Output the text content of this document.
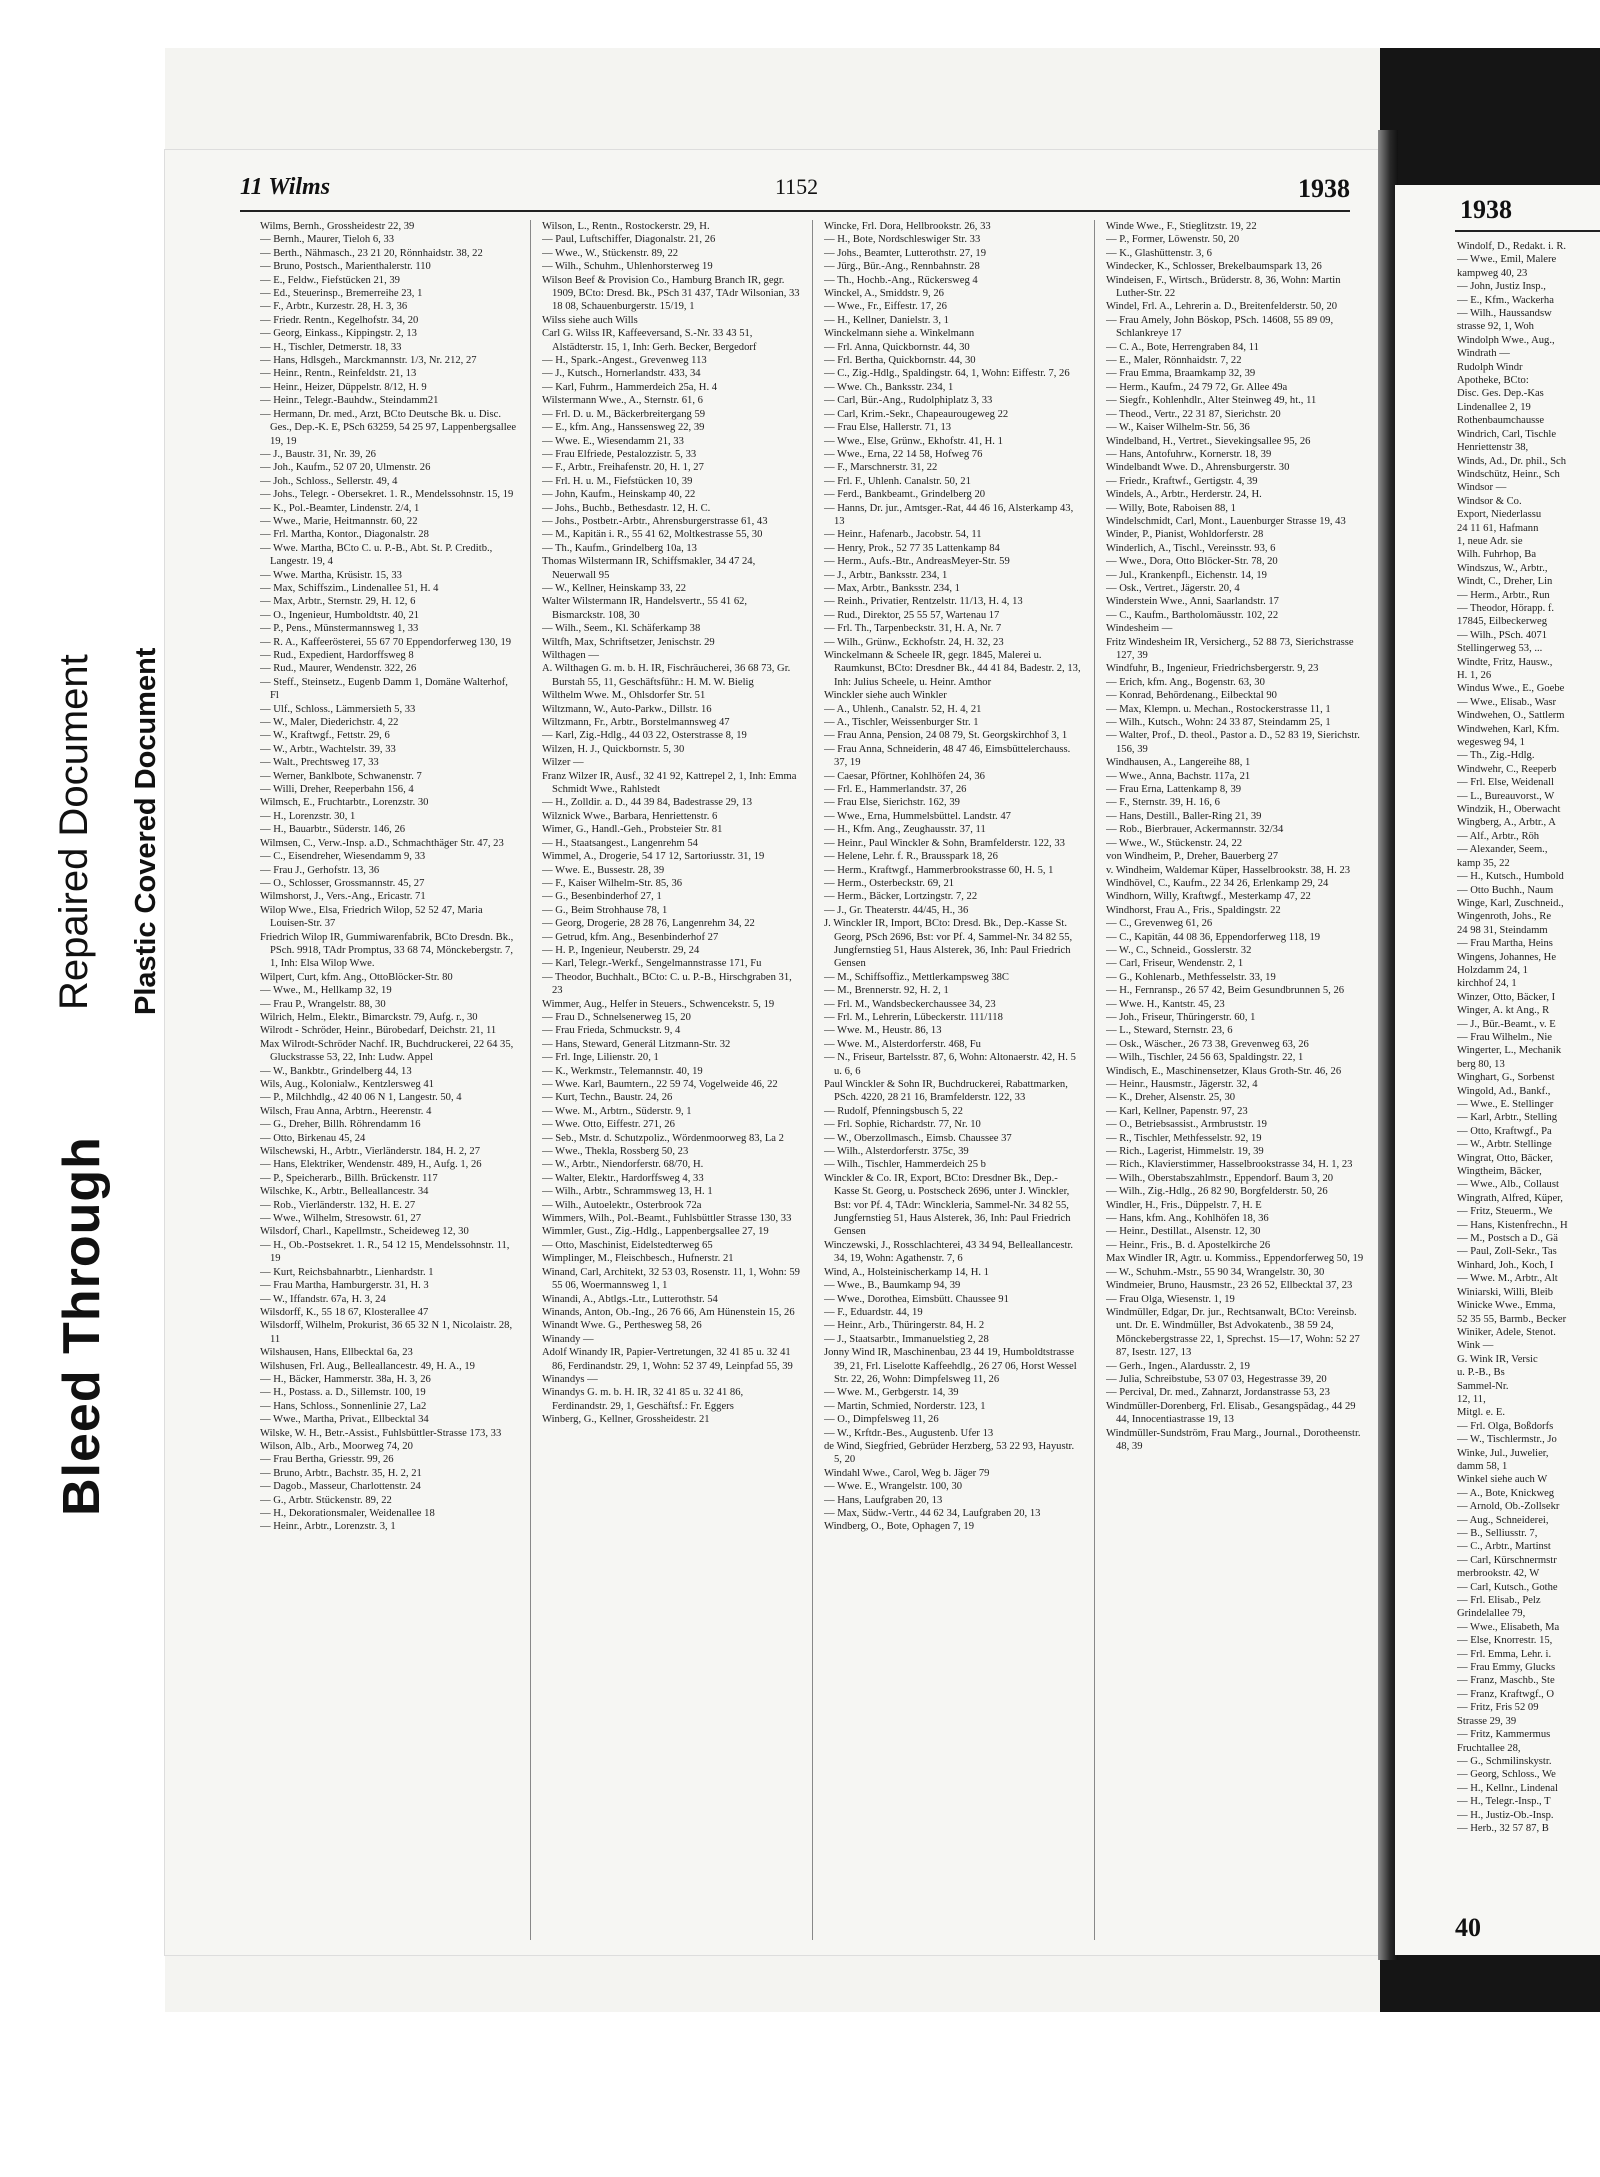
Bleed Through
Repaired Document Plastic Covered Document
11 Wilms	1152	1938
Wilms, Bernh., Grossheidestr 22, 39
— Bernh., Maurer, Tieloh 6, 33
— Berth., Nähmasch., 23 21 20, Rönnhaidstr. 38, 22
— Bruno, Postsch., Marienthalerstr. 110
— E., Feldw., Fiefstücken 21, 39
— Ed., Steuerinsp., Bremerreihe 23, 1
— F., Arbtr., Kurzestr. 28, H. 3, 36
— Friedr. Rentn., Kegelhofstr. 34, 20
— Georg, Einkass., Kippingstr. 2, 13
— H., Tischler, Detmerstr. 18, 33
— Hans, Hdlsgeh., Marckmannstr. 1/3, Nr. 212, 27
— Heinr., Rentn., Reinfeldstr. 21, 13
— Heinr., Heizer, Düppelstr. 8/12, H. 9
— Heinr., Telegr.-Bauhdw., Steindamm21
— Hermann, Dr. med., Arzt, BCto Deutsche Bk. u. Disc. Ges., Dep.-K. E, PSch 63259, 54 25 97, Lappenbergsallee 19, 19
— J., Baustr. 31, Nr. 39, 26
— Joh., Kaufm., 52 07 20, Ulmenstr. 26
— Joh., Schloss., Sellerstr. 49, 4
— Johs., Telegr. - Obersekret. 1. R., Mendelssohnstr. 15, 19
— K., Pol.-Beamter, Lindenstr. 2/4, 1
— Wwe., Marie, Heitmannstr. 60, 22
— Frl. Martha, Kontor., Diagonalstr. 28
— Wwe. Martha, BCto C. u. P.-B., Abt. St. P. Creditb., Langestr. 19, 4
— Wwe. Martha, Krüsistr. 15, 33
— Max, Schiffszim., Lindenallee 51, H. 4
— Max, Arbtr., Sternstr. 29, H. 12, 6
— O., Ingenieur, Humboldtstr. 40, 21
— P., Pens., Münstermannsweg 1, 33
— R. A., Kaffeerösterei, 55 67 70 Eppendorferweg 130, 19
— Rud., Expedient, Hardorffsweg 8
— Rud., Maurer, Wendenstr. 322, 26
— Steff., Steinsetz., Eugenb Damm 1, Domäne Walterhof, Fl
— Ulf., Schloss., Lämmersieth 5, 33
— W., Maler, Diederichstr. 4, 22
— W., Kraftwgf., Fettstr. 29, 6
— W., Arbtr., Wachtelstr. 39, 33
— Walt., Prechtsweg 17, 33
— Werner, Banklbote, Schwanenstr. 7
— Willi, Dreher, Reeperbahn 156, 4
Wilmsch, E., Fruchtarbtr., Lorenzstr. 30
— H., Lorenzstr. 30, 1
— H., Bauarbtr., Süderstr. 146, 26
Wilmsen, C., Verw.-Insp. a.D., Schmachthäger Str. 47, 23
— C., Eisendreher, Wiesendamm 9, 33
— Frau J., Gerhofstr. 13, 36
— O., Schlosser, Grossmannstr. 45, 27
Wilmshorst, J., Vers.-Ang., Ericastr. 71
Wilop Wwe., Elsa, Friedrich Wilop, 52 52 47, Maria Louisen-Str. 37
Friedrich Wilop IR, Gummiwarenfabrik, BCto Dresdn. Bk., PSch. 9918, TAdr Promptus, 33 68 74, Mönckebergstr. 7, 1, Inh: Elsa Wilop Wwe.
Wilpert, Curt, kfm. Ang., OttoBlöcker-Str. 80
— Wwe., M., Hellkamp 32, 19
— Frau P., Wrangelstr. 88, 30
Wilrich, Helm., Elektr., Bimarckstr. 79, Aufg. r., 30
Wilrodt - Schröder, Heinr., Bürobedarf, Deichstr. 21, 11
Max Wilrodt-Schröder Nachf. IR, Buchdruckerei, 22 64 35, Gluckstrasse 53, 22, Inh: Ludw. Appel
— W., Bankbtr., Grindelberg 44, 13
Wils, Aug., Kolonialw., Kentzlersweg 41
— P., Milchhdlg., 42 40 06 N 1, Langestr. 50, 4
Wilsch, Frau Anna, Arbtrn., Heerenstr. 4
— G., Dreher, Billh. Röhrendamm 16
— Otto, Birkenau 45, 24
Wilschewski, H., Arbtr., Vierländerstr. 184, H. 2, 27
— Hans, Elektriker, Wendenstr. 489, H., Aufg. 1, 26
— P., Speicherarb., Billh. Brückenstr. 117
Wilschke, K., Arbtr., Belleallancestr. 34
— Rob., Vierländerstr. 132, H. E. 27
— Wwe., Wilhelm, Stresowstr. 61, 27
Wilsdorf, Charl., Kapellmstr., Scheideweg 12, 30
— H., Ob.-Postsekret. 1. R., 54 12 15, Mendelssohnstr. 11, 19
— Kurt, Reichsbahnarbtr., Lienhardstr. 1
— Frau Martha, Hamburgerstr. 31, H. 3
— W., Iffandstr. 67a, H. 3, 24
Wilsdorff, K., 55 18 67, Klosterallee 47
Wilsdorff, Wilhelm, Prokurist, 36 65 32 N 1, Nicolaistr. 28, 11
Wilshausen, Hans, Ellbecktal 6a, 23
Wilshusen, Frl. Aug., Belleallancestr. 49, H. A., 19
— H., Bäcker, Hammerstr. 38a, H. 3, 26
— H., Postass. a. D., Sillemstr. 100, 19
— Hans, Schloss., Sonnenlinie 27, La2
— Wwe., Martha, Privat., Ellbecktal 34
Wilske, W. H., Betr.-Assist., Fuhlsbüttler-Strasse 173, 33
Wilson, Alb., Arb., Moorweg 74, 20
— Frau Bertha, Griesstr. 99, 26
— Bruno, Arbtr., Bachstr. 35, H. 2, 21
— Dagob., Masseur, Charlottenstr. 24
— G., Arbtr. Stückenstr. 89, 22
— H., Dekorationsmaler, Weidenallee 18
— Heinr., Arbtr., Lorenzstr. 3, 1
Wilson, L., Rentn., Rostockerstr. 29, H.
— Paul, Luftschiffer, Diagonalstr. 21, 26
— Wwe., W., Stückenstr. 89, 22
— Wilh., Schuhm., Uhlenhorsterweg 19
Wilson Beef & Provision Co., Hamburg Branch IR, gegr. 1909, BCto: Dresd. Bk., PSch 31 437, TAdr Wilsonian, 33 18 08, Schauenburgerstr. 15/19, 1
Wilss siehe auch Wills
Carl G. Wilss IR, Kaffeeversand, S.-Nr. 33 43 51, Alstädterstr. 15, 1, Inh: Gerh. Becker, Bergedorf
— H., Spark.-Angest., Grevenweg 113
— J., Kutsch., Hornerlandstr. 433, 34
— Karl, Fuhrm., Hammerdeich 25a, H. 4
Wilstermann Wwe., A., Sternstr. 61, 6
— Frl. D. u. M., Bäckerbreitergang 59
— E., kfm. Ang., Hanssensweg 22, 39
— Wwe. E., Wiesendamm 21, 33
— Frau Elfriede, Pestalozzistr. 5, 33
— F., Arbtr., Freihafenstr. 20, H. 1, 27
— Frl. H. u. M., Fiefstücken 10, 39
— John, Kaufm., Heinskamp 40, 22
— Johs., Buchb., Bethesdastr. 12, H. C.
— Johs., Postbetr.-Arbtr., Ahrensburgerstrasse 61, 43
— M., Kapitän i. R., 55 41 62, Moltkestrasse 55, 30
— Th., Kaufm., Grindelberg 10a, 13
Thomas Wilstermann IR, Schiffsmakler, 34 47 24, Neuerwall 95
— W., Kellner, Heinskamp 33, 22
Walter Wilstermann IR, Handelsvertr., 55 41 62, Bismarckstr. 108, 30
— Wilh., Seem., Kl. Schäferkamp 38
Wiltfh, Max, Schriftsetzer, Jenischstr. 29
Wilthagen —
A. Wilthagen G. m. b. H. IR, Fischräucherei, 36 68 73, Gr. Burstah 55, 11, Geschäftsführ.: H. M. W. Bielig
Wilthelm Wwe. M., Ohlsdorfer Str. 51
Wiltzmann, W., Auto-Parkw., Dillstr. 16
Wiltzmann, Fr., Arbtr., Borstelmannsweg 47
— Karl, Zig.-Hdlg., 44 03 22, Osterstrasse 8, 19
Wilzen, H. J., Quickbornstr. 5, 30
Wilzer —
Franz Wilzer IR, Ausf., 32 41 92, Kattrepel 2, 1, Inh: Emma Schmidt Wwe., Rahlstedt
— H., Zolldir. a. D., 44 39 84, Badestrasse 29, 13
Wilznick Wwe., Barbara, Henriettenstr. 6
Wimer, G., Handl.-Geh., Probsteier Str. 81
— H., Staatsangest., Langenrehm 54
Wimmel, A., Drogerie, 54 17 12, Sartoriusstr. 31, 19
— Wwe. E., Bussestr. 28, 39
— F., Kaiser Wilhelm-Str. 85, 36
— G., Besenbinderhof 27, 1
— G., Beim Strohhause 78, 1
— Georg, Drogerie, 28 28 76, Langenrehm 34, 22
— Getrud, kfm. Ang., Besenbinderhof 27
— H. P., Ingenieur, Neuberstr. 29, 24
— Karl, Telegr.-Werkf., Sengelmannstrasse 171, Fu
— Theodor, Buchhalt., BCto: C. u. P.-B., Hirschgraben 31, 23
Wimmer, Aug., Helfer in Steuers., Schwencekstr. 5, 19
— Frau D., Schnelsenerweg 15, 20
— Frau Frieda, Schmuckstr. 9, 4
— Hans, Steward, Generál Litzmann-Str. 32
— Frl. Inge, Lilienstr. 20, 1
— K., Werkmstr., Telemannstr. 40, 19
— Wwe. Karl, Baumtern., 22 59 74, Vogelweide 46, 22
— Kurt, Techn., Baustr. 24, 26
— Wwe. M., Arbtrn., Süderstr. 9, 1
— Wwe. Otto, Eiffestr. 271, 26
— Seb., Mstr. d. Schutzpoliz., Wördenmoorweg 83, La 2
— Wwe., Thekla, Rossberg 50, 23
— W., Arbtr., Niendorferstr. 68/70, H.
— Walter, Elektr., Hardorffsweg 4, 33
— Wilh., Arbtr., Schrammsweg 13, H. 1
— Wilh., Autoelektr., Osterbrook 72a
Wimmers, Wilh., Pol.-Beamt., Fuhlsbüttler Strasse 130, 33
Wimmler, Gust., Zig.-Hdlg., Lappenbergsallee 27, 19
— Otto, Maschinist, Eidelstedterweg 65
Wimplinger, M., Fleischbesch., Hufnerstr. 21
Winand, Carl, Architekt, 32 53 03, Rosenstr. 11, 1, Wohn: 59 55 06, Woermannsweg 1, 1
Winandi, A., Abtlgs.-Ltr., Lutterothstr. 54
Winands, Anton, Ob.-Ing., 26 76 66, Am Hünenstein 15, 26
Winandt Wwe. G., Perthesweg 58, 26
Winandy —
Adolf Winandy IR, Papier-Vertretungen, 32 41 85 u. 32 41 86, Ferdinandstr. 29, 1, Wohn: 52 37 49, Leinpfad 55, 39
Winandys —
Winandys G. m. b. H. IR, 32 41 85 u. 32 41 86, Ferdinandstr. 29, 1, Geschäftsf.: Fr. Eggers
Winberg, G., Kellner, Grossheidestr. 21
Wincke, Frl. Dora, Hellbrookstr. 26, 33
— H., Bote, Nordschleswiger Str. 33
— Johs., Beamter, Lutterothstr. 27, 19
— Jürg., Bür.-Ang., Rennbahnstr. 28
— Th., Hochb.-Ang., Rückersweg 4
Winckel, A., Smiddstr. 9, 26
— Wwe., Fr., Eiffestr. 17, 26
— H., Kellner, Danielstr. 3, 1
Winckelmann siehe a. Winkelmann
— Frl. Anna, Quickbornstr. 44, 30
— Frl. Bertha, Quickbornstr. 44, 30
— C., Zig.-Hdlg., Spaldingstr. 64, 1, Wohn: Eiffestr. 7, 26
— Wwe. Ch., Banksstr. 234, 1
— Carl, Bür.-Ang., Rudolphiplatz 3, 33
— Carl, Krim.-Sekr., Chapeaurougeweg 22
— Frau Else, Hallerstr. 71, 13
— Wwe., Else, Grünw., Ekhofstr. 41, H. 1
— Wwe., Erna, 22 14 58, Hofweg 76
— F., Marschnerstr. 31, 22
— Frl. F., Uhlenh. Canalstr. 50, 21
— Ferd., Bankbeamt., Grindelberg 20
— Hanns, Dr. jur., Amtsger.-Rat, 44 46 16, Alsterkamp 43, 13
— Heinr., Hafenarb., Jacobstr. 54, 11
— Henry, Prok., 52 77 35 Lattenkamp 84
— Herm., Aufs.-Btr., AndreasMeyer-Str. 59
— J., Arbtr., Banksstr. 234, 1
— Max, Arbtr., Banksstr. 234, 1
— Reinh., Privatier, Rentzelstr. 11/13, H. 4, 13
— Rud., Direktor, 25 55 57, Wartenau 17
— Frl. Th., Tarpenbeckstr. 31, H. A, Nr. 7
— Wilh., Grünw., Eckhofstr. 24, H. 32, 23
Winckelmann & Scheele IR, gegr. 1845, Malerei u. Raumkunst, BCto: Dresdner Bk., 44 41 84, Badestr. 2, 13, Inh: Julius Scheele, u. Heinr. Amthor
Winckler siehe auch Winkler
— A., Uhlenh., Canalstr. 52, H. 4, 21
— A., Tischler, Weissenburger Str. 1
— Frau Anna, Pension, 24 08 79, St. Georgskirchhof 3, 1
— Frau Anna, Schneiderin, 48 47 46, Eimsbüttelerchauss. 37, 19
— Caesar, Pförtner, Kohlhöfen 24, 36
— Frl. E., Hammerlandstr. 37, 26
— Frau Else, Sierichstr. 162, 39
— Wwe., Erna, Hummelsbüttel. Landstr. 47
— H., Kfm. Ang., Zeughausstr. 37, 11
— Heinr., Paul Winckler & Sohn, Bramfelderstr. 122, 33
— Helene, Lehr. f. R., Brausspark 18, 26
— Herm., Kraftwgf., Hammerbrookstrasse 60, H. 5, 1
— Herm., Osterbeckstr. 69, 21
— Herm., Bäcker, Lortzingstr. 7, 22
— J., Gr. Theaterstr. 44/45, H., 36
J. Winckler IR, Import, BCto: Dresd. Bk., Dep.-Kasse St. Georg, PSch 2696, Bst: vor Pf. 4, Sammel-Nr. 34 82 55, Jungfernstieg 51, Haus Alsterek, 36, Inh: Paul Friedrich Gensen
— M., Schiffsoffiz., Mettlerkampsweg 38C
— M., Brennerstr. 92, H. 2, 1
— Frl. M., Wandsbeckerchaussee 34, 23
— Frl. M., Lehrerin, Lübeckerstr. 111/118
— Wwe. M., Heustr. 86, 13
— Wwe. M., Alsterdorferstr. 468, Fu
— N., Friseur, Bartelsstr. 87, 6, Wohn: Altonaerstr. 42, H. 5 u. 6, 6
Paul Winckler & Sohn IR, Buchdruckerei, Rabattmarken, PSch. 4220, 28 21 16, Bramfelderstr. 122, 33
— Rudolf, Pfenningsbusch 5, 22
— Frl. Sophie, Richardstr. 77, Nr. 10
— W., Oberzollmasch., Eimsb. Chaussee 37
— Wilh., Alsterdorferstr. 375c, 39
— Wilh., Tischler, Hammerdeich 25 b
Winckler & Co. IR, Export, BCto: Dresdner Bk., Dep.-Kasse St. Georg, u. Postscheck 2696, unter J. Winckler, Bst: vor Pf. 4, TAdr: Winckleria, Sammel-Nr. 34 82 55, Jungfernstieg 51, Haus Alsterek, 36, Inh: Paul Friedrich Gensen
Winczewski, J., Rosschlachterei, 43 34 94, Belleallancestr. 34, 19, Wohn: Agathenstr. 7, 6
Wind, A., Holsteinischerkamp 14, H. 1
— Wwe., B., Baumkamp 94, 39
— Wwe., Dorothea, Eimsbütt. Chaussee 91
— F., Eduardstr. 44, 19
— Heinr., Arb., Thüringerstr. 84, H. 2
— J., Staatsarbtr., Immanuelstieg 2, 28
Jonny Wind IR, Maschinenbau, 23 44 19, Humboldtstrasse 39, 21, Frl. Liselotte Kaffeehdlg., 26 27 06, Horst Wessel Str. 22, 26, Wohn: Dimpfelsweg 11, 26
— Wwe. M., Gerbgerstr. 14, 39
— Martin, Schmied, Norderstr. 123, 1
— O., Dimpfelsweg 11, 26
— W., Krftdr.-Bes., Augustenb. Ufer 13
de Wind, Siegfried, Gebrüder Herzberg, 53 22 93, Hayustr. 5, 20
Windahl Wwe., Carol, Weg b. Jäger 79
— Wwe. E., Wrangelstr. 100, 30
— Hans, Laufgraben 20, 13
— Max, Südw.-Vertr., 44 62 34, Laufgraben 20, 13
Windberg, O., Bote, Ophagen 7, 19
Winde Wwe., F., Stieglitzstr. 19, 22
— P., Former, Löwenstr. 50, 20
— K., Glashüttenstr. 3, 6
Windecker, K., Schlosser, Brekelbaumspark 13, 26
Windeisen, F., Wirtsch., Brüderstr. 8, 36, Wohn: Martin Luther-Str. 22
Windel, Frl. A., Lehrerin a. D., Breitenfelderstr. 50, 20
— Frau Amely, John Böskop, PSch. 14608, 55 89 09, Schlankreye 17
— C. A., Bote, Herrengraben 84, 11
— E., Maler, Rönnhaidstr. 7, 22
— Frau Emma, Braamkamp 32, 39
— Herm., Kaufm., 24 79 72, Gr. Allee 49a
— Siegfr., Kohlenhdlr., Alter Steinweg 49, ht., 11
— Theod., Vertr., 22 31 87, Sierichstr. 20
— W., Kaiser Wilhelm-Str. 56, 36
Windelband, H., Vertret., Sievekingsallee 95, 26
— Hans, Antofuhrw., Kornerstr. 18, 39
Windelbandt Wwe. D., Ahrensburgerstr. 30
— Friedr., Kraftwf., Gertigstr. 4, 39
Windels, A., Arbtr., Herderstr. 24, H.
— Willy, Bote, Raboisen 88, 1
Windelschmidt, Carl, Mont., Lauenburger Strasse 19, 43
Winder, P., Pianist, Wohldorferstr. 28
Winderlich, A., Tischl., Vereinsstr. 93, 6
— Wwe., Dora, Otto Blöcker-Str. 78, 20
— Jul., Krankenpfl., Eichenstr. 14, 19
— Osk., Vertret., Jägerstr. 20, 4
Winderstein Wwe., Anni, Saarlandstr. 17
— C., Kaufm., Bartholomäusstr. 102, 22
Windesheim —
Fritz Windesheim IR, Versicherg., 52 88 73, Sierichstrasse 127, 39
Windfuhr, B., Ingenieur, Friedrichsbergerstr. 9, 23
— Erich, kfm. Ang., Bogenstr. 63, 30
— Konrad, Behördenang., Eilbecktal 90
— Max, Klempn. u. Mechan., Rostockerstrasse 11, 1
— Wilh., Kutsch., Wohn: 24 33 87, Steindamm 25, 1
— Walter, Prof., D. theol., Pastor a. D., 52 83 19, Sierichstr. 156, 39
Windhausen, A., Langereihe 88, 1
— Wwe., Anna, Bachstr. 117a, 21
— Frau Erna, Lattenkamp 8, 39
— F., Sternstr. 39, H. 16, 6
— Hans, Destill., Baller-Ring 21, 39
— Rob., Bierbrauer, Ackermannstr. 32/34
— Wwe., W., Stückenstr. 24, 22
von Windheim, P., Dreher, Bauerberg 27
v. Windheim, Waldemar Küper, Hasselbrookstr. 38, H. 23
Windhövel, C., Kaufm., 22 34 26, Erlenkamp 29, 24
Windhorn, Willy, Kraftwgf., Mesterkamp 47, 22
Windhorst, Frau A., Fris., Spaldingstr. 22
— C., Grevenweg 61, 26
— C., Kapitän, 44 08 36, Eppendorferweg 118, 19
— W., C., Schneid., Gosslerstr. 32
— Carl, Friseur, Wendenstr. 2, 1
— G., Kohlenarb., Methfesselstr. 33, 19
— H., Fernransp., 26 57 42, Beim Gesundbrunnen 5, 26
— Wwe. H., Kantstr. 45, 23
— Joh., Friseur, Thüringerstr. 60, 1
— L., Steward, Sternstr. 23, 6
— Osk., Wäscher., 26 73 38, Grevenweg 63, 26
— Wilh., Tischler, 24 56 63, Spaldingstr. 22, 1
Windisch, E., Maschinensetzer, Klaus Groth-Str. 46, 26
— Heinr., Hausmstr., Jägerstr. 32, 4
— K., Dreher, Alsenstr. 25, 30
— Karl, Kellner, Papenstr. 97, 23
— O., Betriebsassist., Armbruststr. 19
— R., Tischler, Methfesselstr. 92, 19
— Rich., Lagerist, Himmelstr. 19, 39
— Rich., Klavierstimmer, Hasselbrookstrasse 34, H. 1, 23
— Wilh., Oberstabszahlmstr., Eppendorf. Baum 3, 20
— Wilh., Zig.-Hdlg., 26 82 90, Borgfelderstr. 50, 26
Windler, H., Fris., Düppelstr. 7, H. E
— Hans, kfm. Ang., Kohlhöfen 18, 36
— Heinr., Destillat., Alsenstr. 12, 30
— Heinr., Fris., B. d. Apostelkirche 26
Max Windler IR, Agtr. u. Kommiss., Eppendorferweg 50, 19
— W., Schuhm.-Mstr., 55 90 34, Wrangelstr. 30, 30
Windmeier, Bruno, Hausmstr., 23 26 52, Ellbecktal 37, 23
— Frau Olga, Wiesenstr. 1, 19
Windmüller, Edgar, Dr. jur., Rechtsanwalt, BCto: Vereinsb. unt. Dr. E. Windmüller, Bst Advokatenb., 38 59 24, Mönckebergstrasse 22, 1, Sprechst. 15—17, Wohn: 52 27 87, Isestr. 127, 13
— Gerh., Ingen., Alardusstr. 2, 19
— Julia, Schreibstube, 53 07 03, Hegestrasse 39, 20
— Percival, Dr. med., Zahnarzt, Jordanstrasse 53, 23
Windmüller-Dorenberg, Frl. Elisab., Gesangspädag., 44 29 44, Innocentiastrasse 19, 13
Windmüller-Sundström, Frau Marg., Journal., Dorotheenstr. 48, 39
1938
Windolf, D., Redakt. i. R.
— Wwe., Emil, Malere
kampweg 40, 23
— John, Justiz Insp.,
— E., Kfm., Wackerha
— Wilh., Haussandsw
strasse 92, 1, Woh
Windolph Wwe., Aug.,
Windrath —
Rudolph Windr
Apotheke, BCto:
Disc. Ges. Dep.-Kas
Lindenallee 2, 19
Rothenbaumchausse
Windrich, Carl, Tischle
Henriettenstr 38,
Winds, Ad., Dr. phil., Sch
Windschütz, Heinr., Sch
Windsor —
Windsor & Co.
Export, Niederlassu
24 11 61, Hafmann
1, neue Adr. sie
Wilh. Fuhrhop, Ba
Windszus, W., Arbtr.,
Windt, C., Dreher, Lin
— Herm., Arbtr., Run
— Theodor, Hörapp. f.
17845, Eilbeckerweg
— Wilh., PSch. 4071
Stellingerweg 53, ...
Windte, Fritz, Hausw.,
H. 1, 26
Windus Wwe., E., Goebe
— Wwe., Elisab., Wasr
Windwehen, O., Sattlerm
Windwehen, Karl, Kfm.
wegesweg 94, 1
— Th., Zig.-Hdlg.
Windwehr, C., Reeperb
— Frl. Else, Weidenall
— L., Bureauvorst., W
Windzik, H., Oberwacht
Wingberg, A., Arbtr., A
— Alf., Arbtr., Röh
— Alexander, Seem.,
kamp 35, 22
— H., Kutsch., Humbold
— Otto Buchh., Naum
Winge, Karl, Zuschneid.,
Wingenroth, Johs., Re
24 98 31, Steindamm
— Frau Martha, Heins
Wingens, Johannes, He
Holzdamm 24, 1
kirchhof 24, 1
Winzer, Otto, Bäcker, I
Winger, A. kt Ang., R
— J., Bür.-Beamt., v. E
— Frau Wilhelm., Nie
Wingerter, L., Mechanik
berg 80, 13
Winghart, G., Sorbenst
Wingold, Ad., Bankf.,
— Wwe., E. Stellinger
— Karl, Arbtr., Stelling
— Otto, Kraftwgf., Pa
— W., Arbtr. Stellinge
Wingrat, Otto, Bäcker,
Wingtheim, Bäcker,
— Wwe., Alb., Collaust
Wingrath, Alfred, Küper,
— Fritz, Steuerm., We
— Hans, Kistenfrechn., H
— M., Postsch a D., Gä
— Paul, Zoll-Sekr., Tas
Winhard, Joh., Koch, I
— Wwe. M., Arbtr., Alt
Winiarski, Willi, Bleib
Winicke Wwe., Emma,
52 35 55, Barmb., Becker
Winiker, Adele, Stenot.
Wink —
G. Wink IR, Versic
u. P.-B., Bs
Sammel-Nr.
12, 11,
Mitgl. e. E.
— Frl. Olga, Boßdorfs
— W., Tischlermstr., Jo
Winke, Jul., Juwelier,
damm 58, 1
Winkel siehe auch W
— A., Bote, Knickweg
— Arnold, Ob.-Zollsekr
— Aug., Schneiderei,
— B., Selliusstr. 7,
— C., Arbtr., Martinst
— Carl, Kürschnermstr
merbrookstr. 42, W
— Carl, Kutsch., Gothe
— Frl. Elisab., Pelz
Grindelallee 79,
— Wwe., Elisabeth, Ma
— Else, Knorrestr. 15,
— Frl. Emma, Lehr. i.
— Frau Emmy, Glucks
— Franz, Maschb., Ste
— Franz, Kraftwgf., O
— Fritz, Fris 52 09
Strasse 29, 39
— Fritz, Kammermus
Fruchtallee 28,
— G., Schmilinskystr.
— Georg, Schloss., We
— H., Kellnr., Lindenal
— H., Telegr.-Insp., T
— H., Justiz-Ob.-Insp.
— Herb., 32 57 87, B
40
